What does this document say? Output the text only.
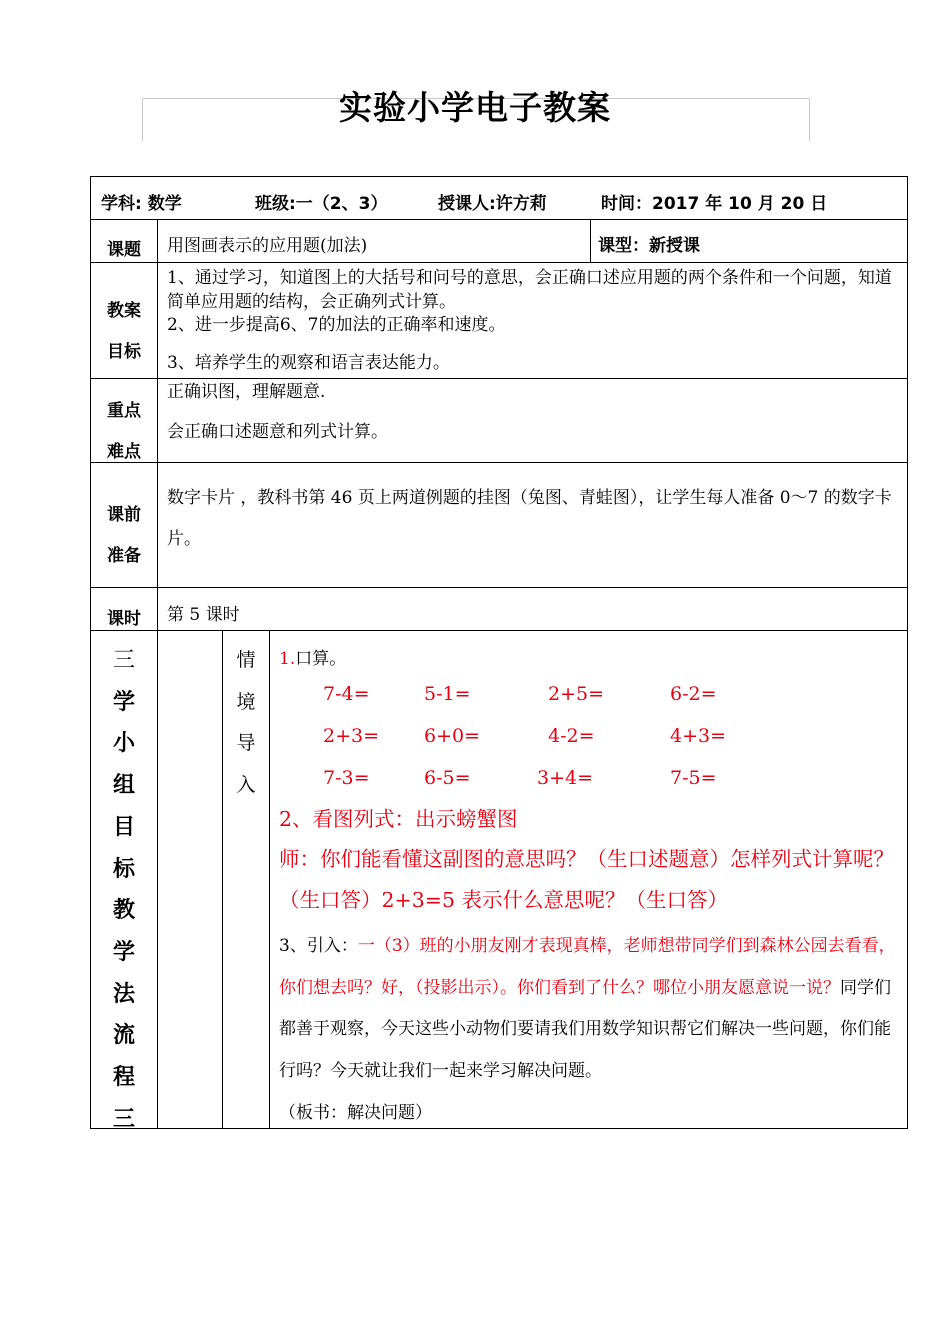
实验小学电子教案
学科: 数学	班级:一（2、3）	授课人:许方莉	时间：2017 年 10 月 20 日
课题	用图画表示的应用题(加法)	课型：新授课
教案
目标
1、通过学习，知道图上的大括号和问号的意思，会正确口述应用题的两个条件和一个问题，知道简单应用题的结构，会正确列式计算。
2、进一步提高6、7的加法的正确率和速度。
3、培养学生的观察和语言表达能力。
重点
难点
正确识图，理解题意.
会正确口述题意和列式计算。
课前
准备
数字卡片 ，教科书第 46 页上两道例题的挂图（兔图、青蛙图），让学生每人准备 0～7 的数字卡片。
课时	第 5 课时
三
学
小
组
目
标
教
学
法
流
程
三
情
境
导
入
1.口算。
7-4=	5-1=	2+5=	6-2=
2+3= 6+0=	4-2=	4+3=
7-3=	6-5=	3+4=	7-5=
2、看图列式：出示螃蟹图
师：你们能看懂这副图的意思吗？（生口述题意）怎样列式计算呢？（生口答）2+3=5 表示什么意思呢？（生口答）
3、引入：一（3）班的小朋友刚才表现真棒，老师想带同学们到森林公园去看看，你们想去吗？好，（投影出示）。你们看到了什么？哪位小朋友愿意说一说？同学们都善于观察，今天这些小动物们要请我们用数学知识帮它们解决一些问题，你们能行吗？今天就让我们一起来学习解决问题。
（板书：解决问题）
